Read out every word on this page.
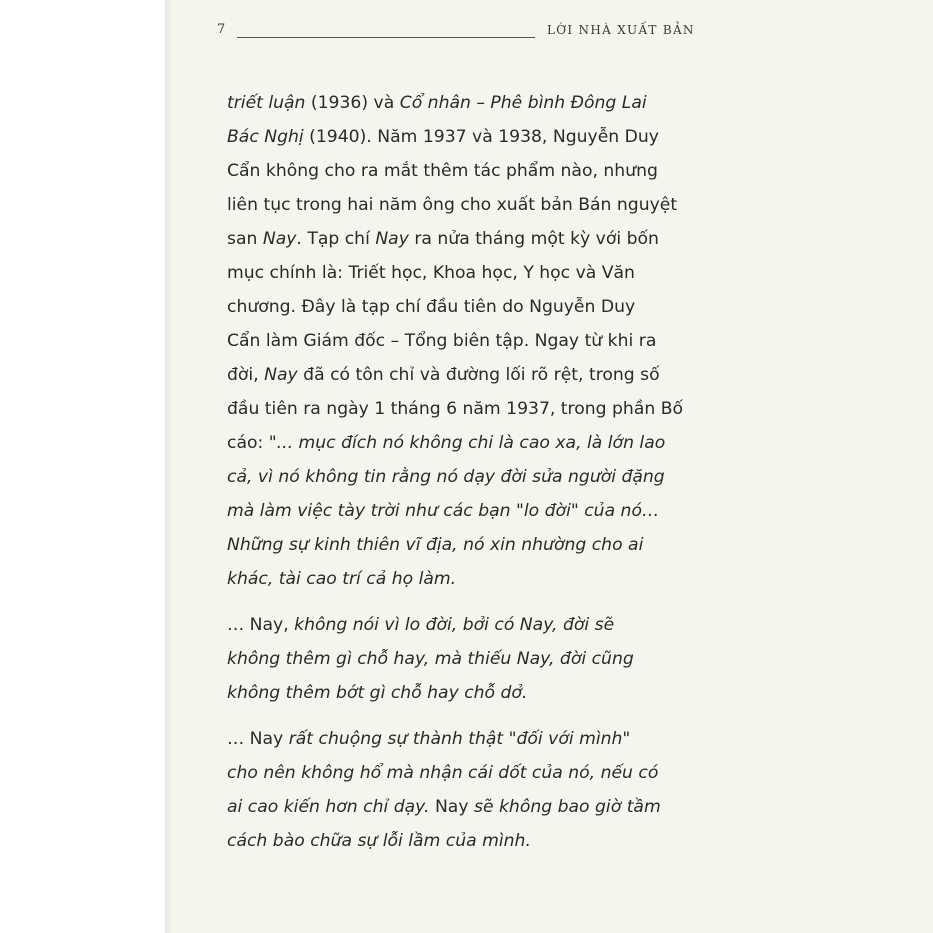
7	LỜI NHÀ XUẤT BẢN
triết luận (1936) và Cổ nhân – Phê bình Đông Lai
Bác Nghị (1940). Năm 1937 và 1938, Nguyễn Duy
Cẩn không cho ra mắt thêm tác phẩm nào, nhưng
liên tục trong hai năm ông cho xuất bản Bán nguyệt
san Nay. Tạp chí Nay ra nửa tháng một kỳ với bốn
mục chính là: Triết học, Khoa học, Y học và Văn
chương. Đây là tạp chí đầu tiên do Nguyễn Duy
Cẩn làm Giám đốc – Tổng biên tập. Ngay từ khi ra
đời, Nay đã có tôn chỉ và đường lối rõ rệt, trong số
đầu tiên ra ngày 1 tháng 6 năm 1937, trong phần Bố
cáo: "... mục đích nó không chi là cao xa, là lớn lao
cả, vì nó không tin rằng nó dạy đời sửa người đặng
mà làm việc tày trời như các bạn "lo đời" của nó…
Những sự kinh thiên vĩ địa, nó xin nhường cho ai
khác, tài cao trí cả họ làm.
… Nay, không nói vì lo đời, bởi có Nay, đời sẽ
không thêm gì chỗ hay, mà thiếu Nay, đời cũng
không thêm bớt gì chỗ hay chỗ dở.
… Nay rất chuộng sự thành thật "đối với mình"
cho nên không hổ mà nhận cái dốt của nó, nếu có
ai cao kiến hơn chỉ dạy. Nay sẽ không bao giờ tầm
cách bào chữa sự lỗi lầm của mình.
